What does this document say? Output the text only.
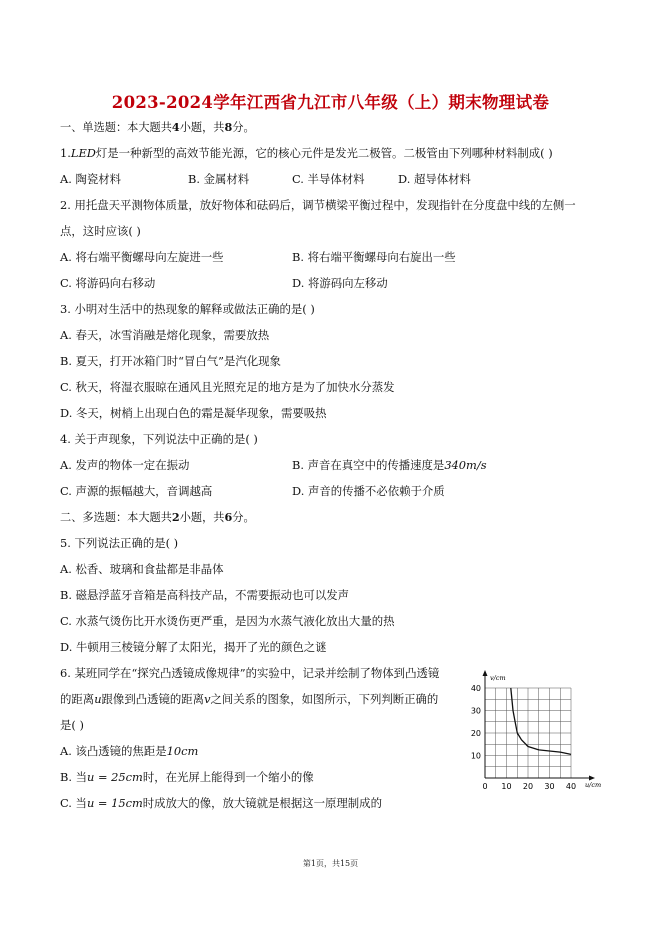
2023-2024学年江西省九江市八年级（上）期末物理试卷
一、单选题：本大题共4小题，共8分。
1.LED灯是一种新型的高效节能光源，它的核心元件是发光二极管。二极管由下列哪种材料制成( )
A. 陶瓷材料	B. 金属材料	C. 半导体材料	D. 超导体材料
2. 用托盘天平测物体质量，放好物体和砝码后，调节横梁平衡过程中，发现指针在分度盘中线的左侧一
点，这时应该( )
A. 将右端平衡螺母向左旋进一些	B. 将右端平衡螺母向右旋出一些
C. 将游码向右移动	D. 将游码向左移动
3. 小明对生活中的热现象的解释或做法正确的是( )
A. 春天，冰雪消融是熔化现象，需要放热
B. 夏天，打开冰箱门时“冒白气”是汽化现象
C. 秋天，将湿衣服晾在通风且光照充足的地方是为了加快水分蒸发
D. 冬天，树梢上出现白色的霜是凝华现象，需要吸热
4. 关于声现象，下列说法中正确的是( )
A. 发声的物体一定在振动	B. 声音在真空中的传播速度是340m/s
C. 声源的振幅越大，音调越高	D. 声音的传播不必依赖于介质
二、多选题：本大题共2小题，共6分。
5. 下列说法正确的是( )
A. 松香、玻璃和食盐都是非晶体
B. 磁悬浮蓝牙音箱是高科技产品，不需要振动也可以发声
C. 水蒸气烫伤比开水烫伤更严重，是因为水蒸气液化放出大量的热
D. 牛顿用三棱镜分解了太阳光，揭开了光的颜色之谜
6. 某班同学在“探究凸透镜成像规律”的实验中，记录并绘制了物体到凸透镜
的距离u跟像到凸透镜的距离v之间关系的图象，如图所示，下列判断正确的
是( )
A. 该凸透镜的焦距是10cm
B. 当u = 25cm时，在光屏上能得到一个缩小的像
C. 当u = 15cm时成放大的像，放大镜就是根据这一原理制成的
0 10 20 30 40
10
20
30
40
u/cm
v/cm
第1页，共15页
